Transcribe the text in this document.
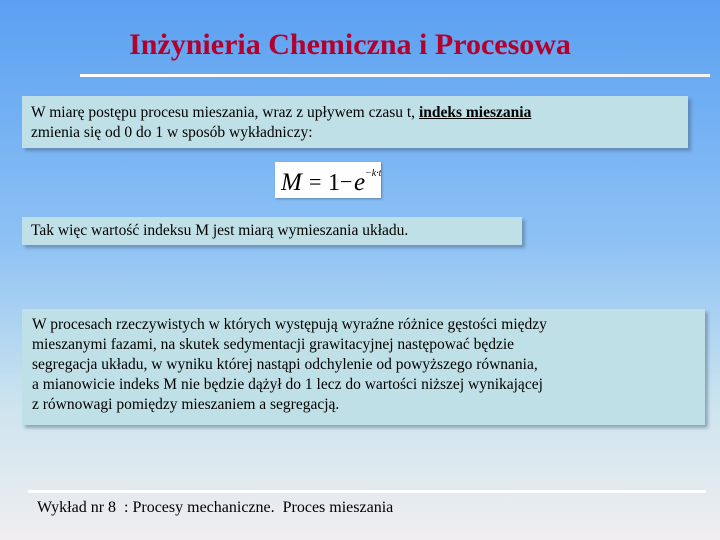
Inżynieria Chemiczna i Procesowa
W miarę postępu procesu mieszania, wraz z upływem czasu t, indeks mieszania
zmienia się od 0 do 1 w sposób wykładniczy:
M = 1 − e −k·t
Tak więc wartość indeksu M jest miarą wymieszania układu.
W procesach rzeczywistych w których występują wyraźne różnice gęstości między
mieszanymi fazami, na skutek sedymentacji grawitacyjnej następować będzie
segregacja układu, w wyniku której nastąpi odchylenie od powyższego równania,
a mianowicie indeks M nie będzie dążył do 1 lecz do wartości niższej wynikającej
z równowagi pomiędzy mieszaniem a segregacją.
Wykład nr 8  : Procesy mechaniczne.  Proces mieszania
